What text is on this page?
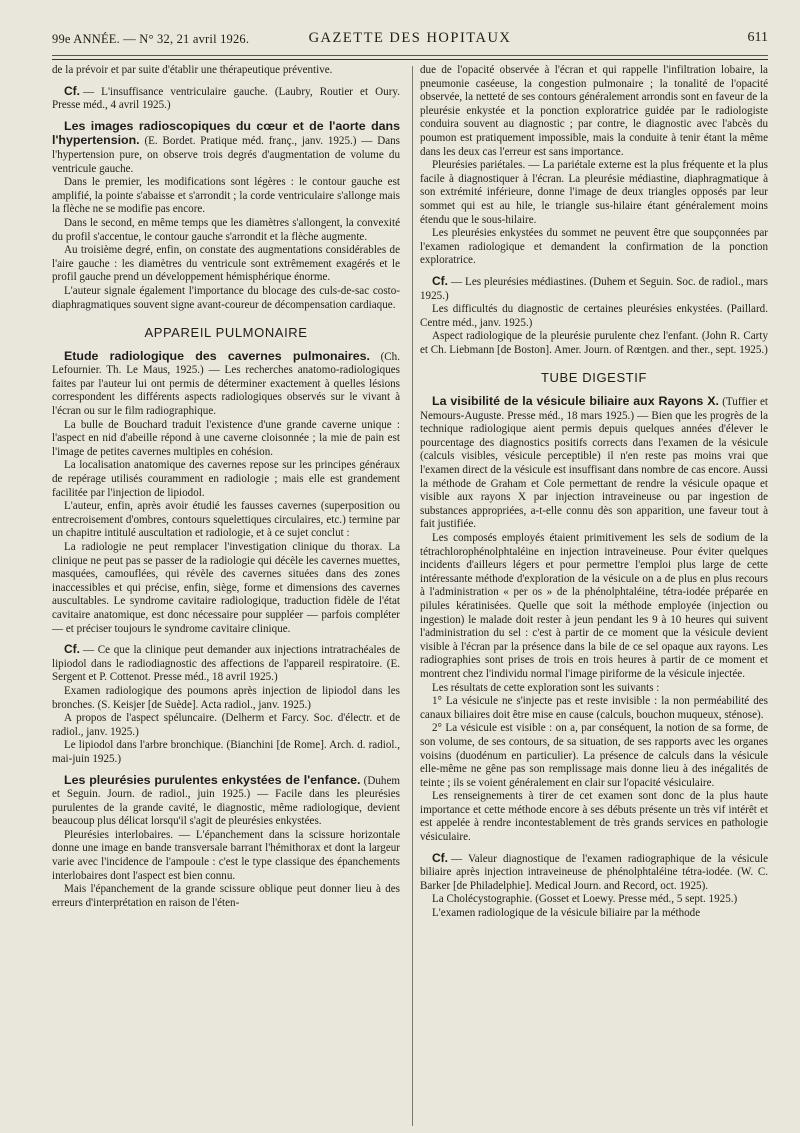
99e ANNÉE. — N° 32, 21 avril 1926.	GAZETTE DES HOPITAUX	611

de la prévoir et par suite d'établir une thérapeutique préventive.

Cf. — L'insuffisance ventriculaire gauche. (Laubry, Routier et Oury. Presse méd., 4 avril 1925.)

Les images radioscopiques du cœur et de l'aorte dans l'hypertension. (E. Bordet. Pratique méd. franç., janv. 1925.) — Dans l'hypertension pure, on observe trois degrés d'augmentation de volume du ventricule gauche.

Dans le premier, les modifications sont légères : le contour gauche est amplifié, la pointe s'abaisse et s'arrondit ; la corde ventriculaire s'allonge mais la flèche ne se modifie pas encore.

Dans le second, en même temps que les diamètres s'allongent, la convexité du profil s'accentue, le contour gauche s'arrondit et la flèche augmente.

Au troisième degré, enfin, on constate des augmentations considérables de l'aire gauche : les diamètres du ventricule sont extrêmement exagérés et le profil gauche prend un développement hémisphérique énorme.

L'auteur signale également l'importance du blocage des culs-de-sac costo-diaphragmatiques souvent signe avant-coureur de décompensation cardiaque.

APPAREIL PULMONAIRE

Etude radiologique des cavernes pulmonaires. (Ch. Lefournier. Th. Le Maus, 1925.) — Les recherches anatomo-radiologiques faites par l'auteur lui ont permis de déterminer exactement à quelles lésions correspondent les différents aspects radiologiques observés sur le vivant à l'écran ou sur le film radiographique.

La bulle de Bouchard traduit l'existence d'une grande caverne unique : l'aspect en nid d'abeille répond à une caverne cloisonnée ; la mie de pain est l'image de petites cavernes multiples en cohésion.

La localisation anatomique des cavernes repose sur les principes généraux de repérage utilisés couramment en radiologie ; mais elle est grandement facilitée par l'injection de lipiodol.

L'auteur, enfin, après avoir étudié les fausses cavernes (superposition ou entrecroisement d'ombres, contours squelettiques circulaires, etc.) termine par un chapitre intitulé auscultation et radiologie, et à ce sujet conclut :

La radiologie ne peut remplacer l'investigation clinique du thorax. La clinique ne peut pas se passer de la radiologie qui décèle les cavernes muettes, masquées, camouflées, qui révèle des cavernes situées dans des zones inaccessibles et qui précise, enfin, siège, forme et dimensions des cavernes auscultables. Le syndrome cavitaire radiologique, traduction fidèle de l'état cavitaire anatomique, est donc nécessaire pour suppléer — parfois compléter — et préciser toujours le syndrome cavitaire clinique.

Cf. — Ce que la clinique peut demander aux injections intratrachéales de lipiodol dans le radiodiagnostic des affections de l'appareil respiratoire. (E. Sergent et P. Cottenot. Presse méd., 18 avril 1925.)

Examen radiologique des poumons après injection de lipiodol dans les bronches. (S. Keisjer [de Suède]. Acta radiol., janv. 1925.)

A propos de l'aspect spéluncaire. (Delherm et Farcy. Soc. d'électr. et de radiol., janv. 1925.)

Le lipiodol dans l'arbre bronchique. (Bianchini [de Rome]. Arch. d. radiol., mai-juin 1925.)

Les pleurésies purulentes enkystées de l'enfance. (Duhem et Seguin. Journ. de radiol., juin 1925.) — Facile dans les pleurésies purulentes de la grande cavité, le diagnostic, même radiologique, devient beaucoup plus délicat lorsqu'il s'agit de pleurésies enkystées.

Pleurésies interlobaires. — L'épanchement dans la scissure horizontale donne une image en bande transversale barrant l'hémithorax et dont la largeur varie avec l'incidence de l'ampoule : c'est le type classique des épanchements interlobaires dont l'aspect est bien connu.

Mais l'épanchement de la grande scissure oblique peut donner lieu à des erreurs d'interprétation en raison de l'éten-

due de l'opacité observée à l'écran et qui rappelle l'infiltration lobaire, la pneumonie caséeuse, la congestion pulmonaire ; la tonalité de l'opacité observée, la netteté de ses contours généralement arrondis sont en faveur de la pleurésie enkystée et la ponction exploratrice guidée par le radiologiste conduira souvent au diagnostic ; par contre, le diagnostic avec l'abcès du poumon est pratiquement impossible, mais la conduite à tenir étant la même dans les deux cas l'erreur est sans importance.

Pleurésies pariétales. — La pariétale externe est la plus fréquente et la plus facile à diagnostiquer à l'écran. La pleurésie médiastine, diaphragmatique à son extrémité inférieure, donne l'image de deux triangles opposés par leur sommet qui est au hile, le triangle sus-hilaire étant généralement moins étendu que le sous-hilaire.

Les pleurésies enkystées du sommet ne peuvent être que soupçonnées par l'examen radiologique et demandent la confirmation de la ponction exploratrice.

Cf. — Les pleurésies médiastines. (Duhem et Seguin. Soc. de radiol., mars 1925.)

Les difficultés du diagnostic de certaines pleurésies enkystées. (Paillard. Centre méd., janv. 1925.)

Aspect radiologique de la pleurésie purulente chez l'enfant. (John R. Carty et Ch. Liebmann [de Boston]. Amer. Journ. of Rœntgen. and ther., sept. 1925.)

TUBE DIGESTIF

La visibilité de la vésicule biliaire aux Rayons X. (Tuffier et Nemours-Auguste. Presse méd., 18 mars 1925.) — Bien que les progrès de la technique radiologique aient permis depuis quelques années d'élever le pourcentage des diagnostics positifs corrects dans l'examen de la vésicule (calculs visibles, vésicule perceptible) il n'en reste pas moins vrai que l'examen direct de la vésicule est insuffisant dans nombre de cas encore. Aussi la méthode de Graham et Cole permettant de rendre la vésicule opaque et visible aux rayons X par injection intraveineuse ou par ingestion de substances appropriées, a-t-elle connu dès son apparition, une faveur tout à fait justifiée.

Les composés employés étaient primitivement les sels de sodium de la tétrachlorophénolphtaléine en injection intraveineuse. Pour éviter quelques incidents d'ailleurs légers et pour permettre l'emploi plus large de cette intéressante méthode d'exploration de la vésicule on a de plus en plus recours à l'administration « per os » de la phénolphtaléine, tétra-iodée préparée en pilules kératinisées. Quelle que soit la méthode employée (injection ou ingestion) le malade doit rester à jeun pendant les 9 à 10 heures qui suivent l'administration du sel : c'est à partir de ce moment que la vésicule devient visible à l'écran par la présence dans la bile de ce sel opaque aux rayons. Les radiographies sont prises de trois en trois heures à partir de ce moment et montrent chez l'individu normal l'image piriforme de la vésicule injectée.

Les résultats de cette exploration sont les suivants :

1° La vésicule ne s'injecte pas et reste invisible : la non perméabilité des canaux biliaires doit être mise en cause (calculs, bouchon muqueux, sténose).

2° La vésicule est visible : on a, par conséquent, la notion de sa forme, de son volume, de ses contours, de sa situation, de ses rapports avec les organes voisins (duodénum en particulier). La présence de calculs dans la vésicule elle-même ne gêne pas son remplissage mais donne lieu à des inégalités de teinte ; ils se voient généralement en clair sur l'opacité vésiculaire.

Les renseignements à tirer de cet examen sont donc de la plus haute importance et cette méthode encore à ses débuts présente un très vif intérêt et est appelée à rendre incontestablement de très grands services en pathologie vésiculaire.

Cf. — Valeur diagnostique de l'examen radiographique de la vésicule biliaire après injection intraveineuse de phénolphtaléine tétra-iodée. (W. C. Barker [de Philadelphie]. Medical Journ. and Record, oct. 1925).

La Cholécystographie. (Gosset et Loewy. Presse méd., 5 sept. 1925.)

L'examen radiologique de la vésicule biliaire par la méthode
